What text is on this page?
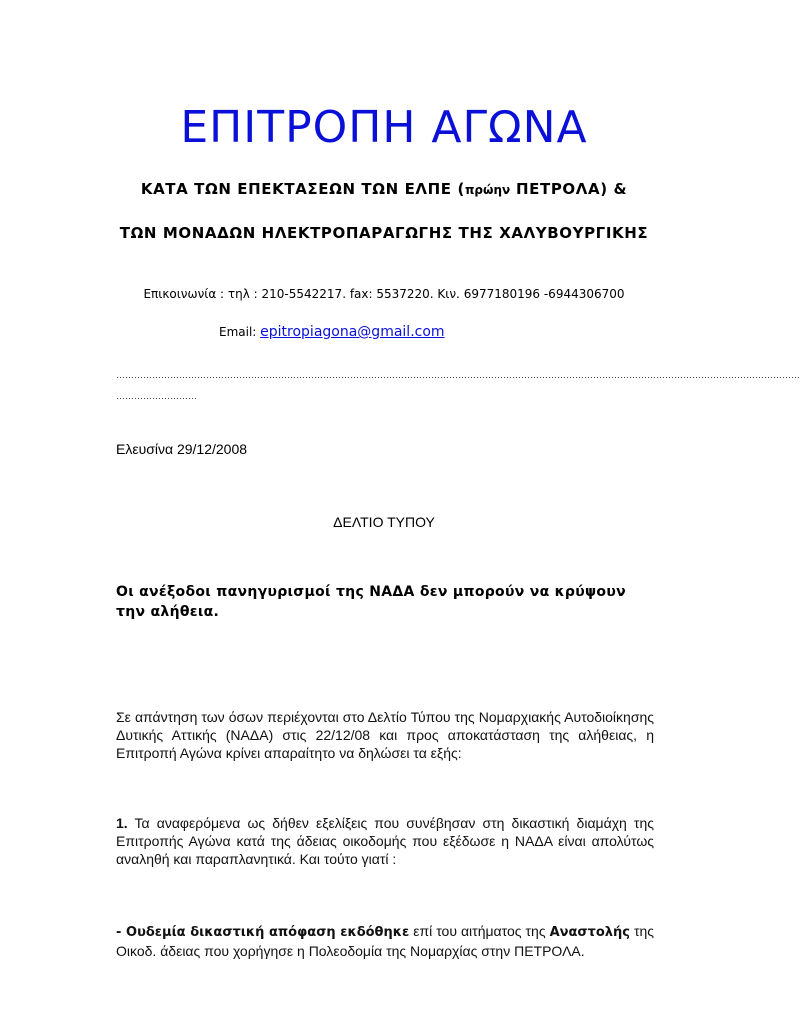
ΕΠΙΤΡΟΠΗ ΑΓΩΝΑ
ΚΑΤΑ ΤΩΝ ΕΠΕΚΤΑΣΕΩΝ ΤΩΝ ΕΛΠΕ (πρώην ΠΕΤΡΟΛΑ) &
ΤΩΝ ΜΟΝΑΔΩΝ ΗΛΕΚΤΡΟΠΑΡΑΓΩΓΗΣ ΤΗΣ ΧΑΛΥΒΟΥΡΓΙΚΗΣ
Επικοινωνία : τηλ : 210-5542217. fax: 5537220. Κιν. 6977180196 -6944306700
Email: epitropiagona@gmail.com
…………………………………………………………………………………………………………………………………………………………………………………………………………
………………………
Ελευσίνα 29/12/2008
ΔΕΛΤΙΟ ΤΥΠΟΥ
Οι ανέξοδοι πανηγυρισμοί της ΝΑΔΑ δεν μπορούν να κρύψουν την αλήθεια.
Σε απάντηση των όσων περιέχονται στο Δελτίο Τύπου της Νομαρχιακής Αυτοδιοίκησης Δυτικής Αττικής (ΝΑΔΑ) στις 22/12/08 και προς αποκατάσταση της αλήθειας, η Επιτροπή Αγώνα κρίνει απαραίτητο να δηλώσει τα εξής:
1. Τα αναφερόμενα ως δήθεν εξελίξεις που συνέβησαν στη δικαστική διαμάχη της Επιτροπής Αγώνα κατά της άδειας οικοδομής που εξέδωσε η ΝΑΔΑ είναι απολύτως αναληθή και παραπλανητικά. Και τούτο γιατί :
- Ουδεμία δικαστική απόφαση εκδόθηκε επί του αιτήματος της Αναστολής της Οικοδ. άδειας που χορήγησε η Πολεοδομία της Νομαρχίας στην ΠΕΤΡΟΛΑ.
